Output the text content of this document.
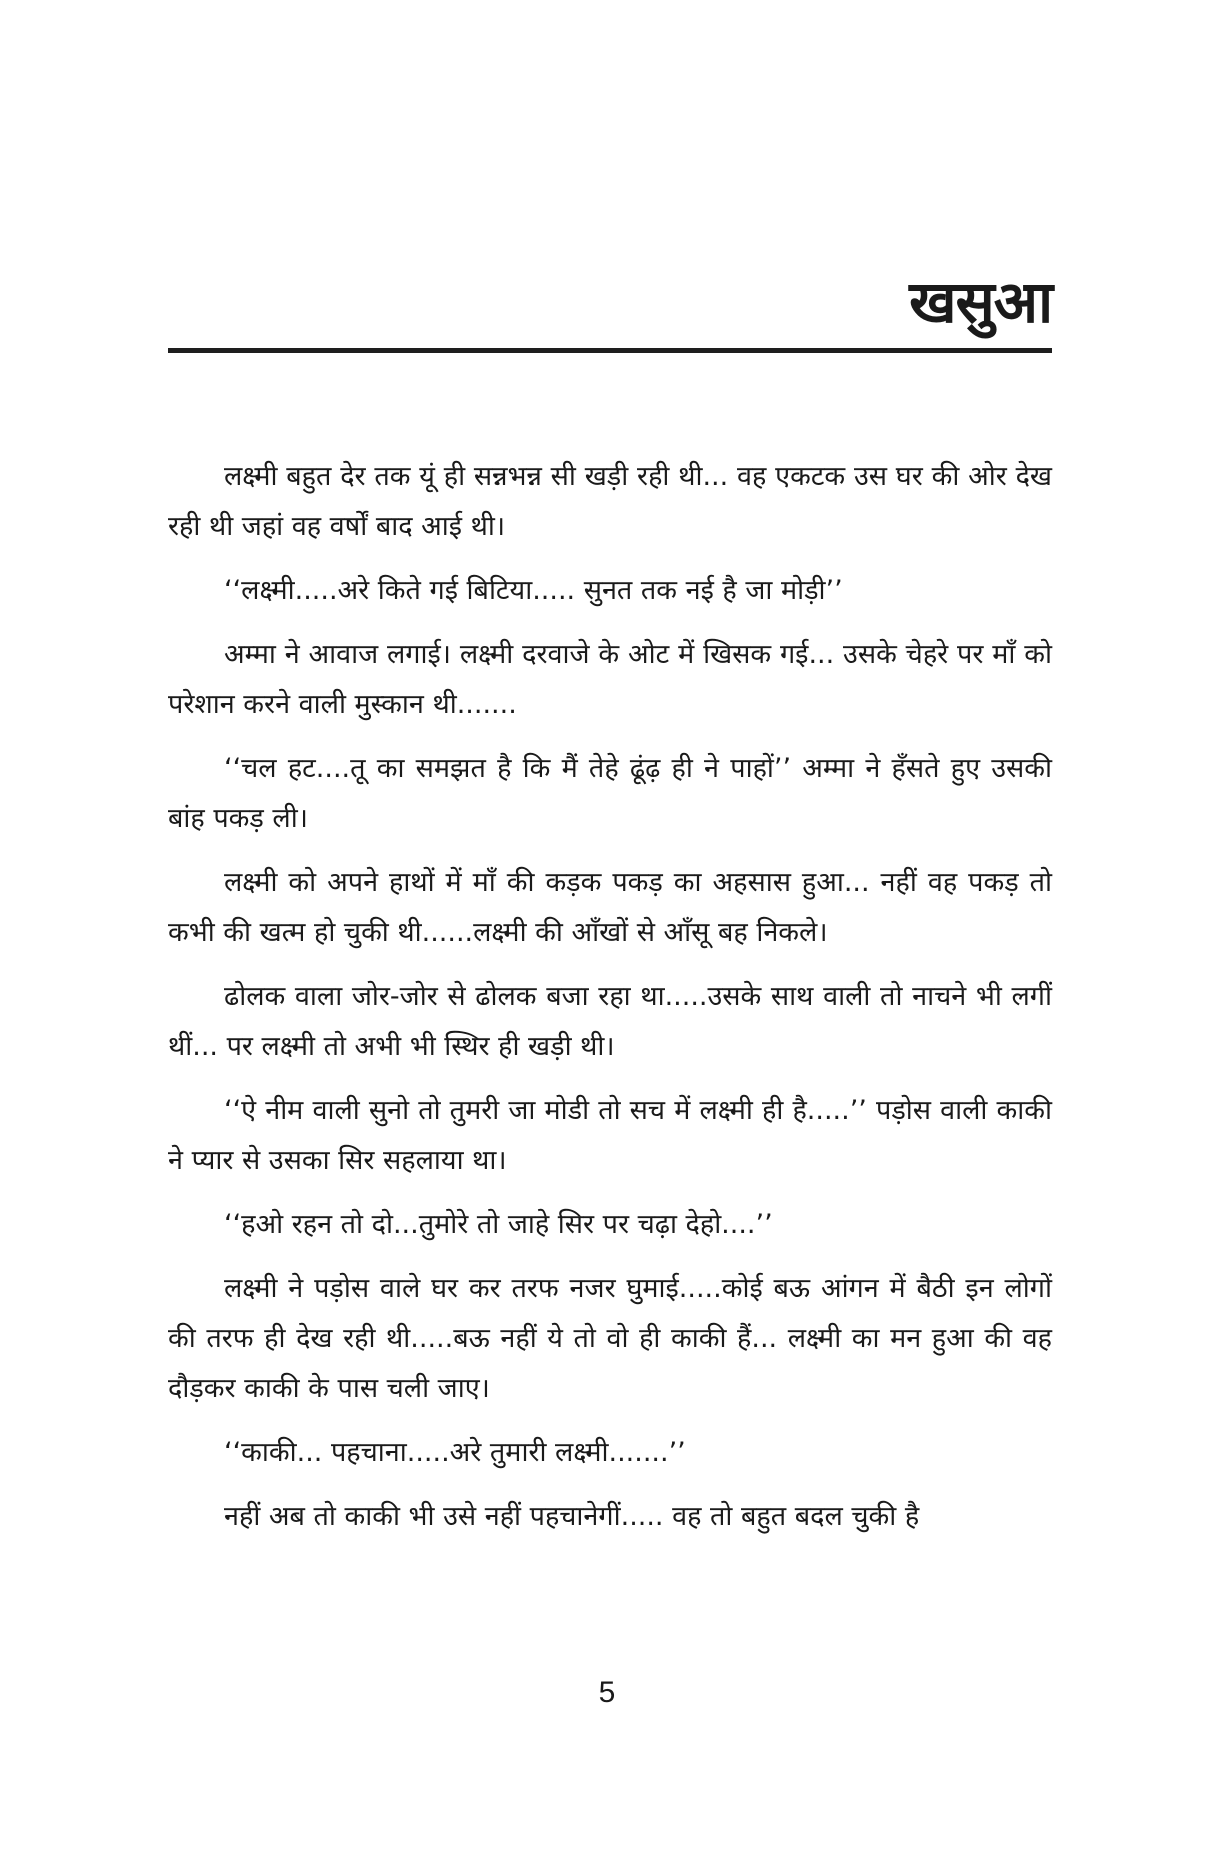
खसुआ

लक्ष्मी बहुत देर तक यूं ही सन्नभन्न सी खड़ी रही थी... वह एकटक उस घर की ओर देख रही थी जहां वह वर्षों बाद आई थी।

‘‘लक्ष्मी.....अरे किते गई बिटिया..... सुनत तक नई है जा मोड़ी’’

अम्मा ने आवाज लगाई। लक्ष्मी दरवाजे के ओट में खिसक गई... उसके चेहरे पर माँ को परेशान करने वाली मुस्कान थी.......

‘‘चल हट....तू का समझत है कि मैं तेहे ढूंढ़ ही ने पाहों’’ अम्मा ने हँसते हुए उसकी बांह पकड़ ली।

लक्ष्मी को अपने हाथों में माँ की कड़क पकड़ का अहसास हुआ... नहीं वह पकड़ तो कभी की खत्म हो चुकी थी......लक्ष्मी की आँखों से आँसू बह निकले।

ढोलक वाला जोर-जोर से ढोलक बजा रहा था.....उसके साथ वाली तो नाचने भी लगीं थीं... पर लक्ष्मी तो अभी भी स्थिर ही खड़ी थी।

‘‘ऐ नीम वाली सुनो तो तुमरी जा मोडी तो सच में लक्ष्मी ही है.....’’ पड़ोस वाली काकी ने प्यार से उसका सिर सहलाया था।

‘‘हओ रहन तो दो...तुमोरे तो जाहे सिर पर चढ़ा देहो....’’

लक्ष्मी ने पड़ोस वाले घर कर तरफ नजर घुमाई.....कोई बऊ आंगन में बैठी इन लोगों की तरफ ही देख रही थी.....बऊ नहीं ये तो वो ही काकी हैं... लक्ष्मी का मन हुआ की वह दौड़कर काकी के पास चली जाए।

‘‘काकी... पहचाना.....अरे तुमारी लक्ष्मी.......’’

नहीं अब तो काकी भी उसे नहीं पहचानेगीं..... वह तो बहुत बदल चुकी है

5
